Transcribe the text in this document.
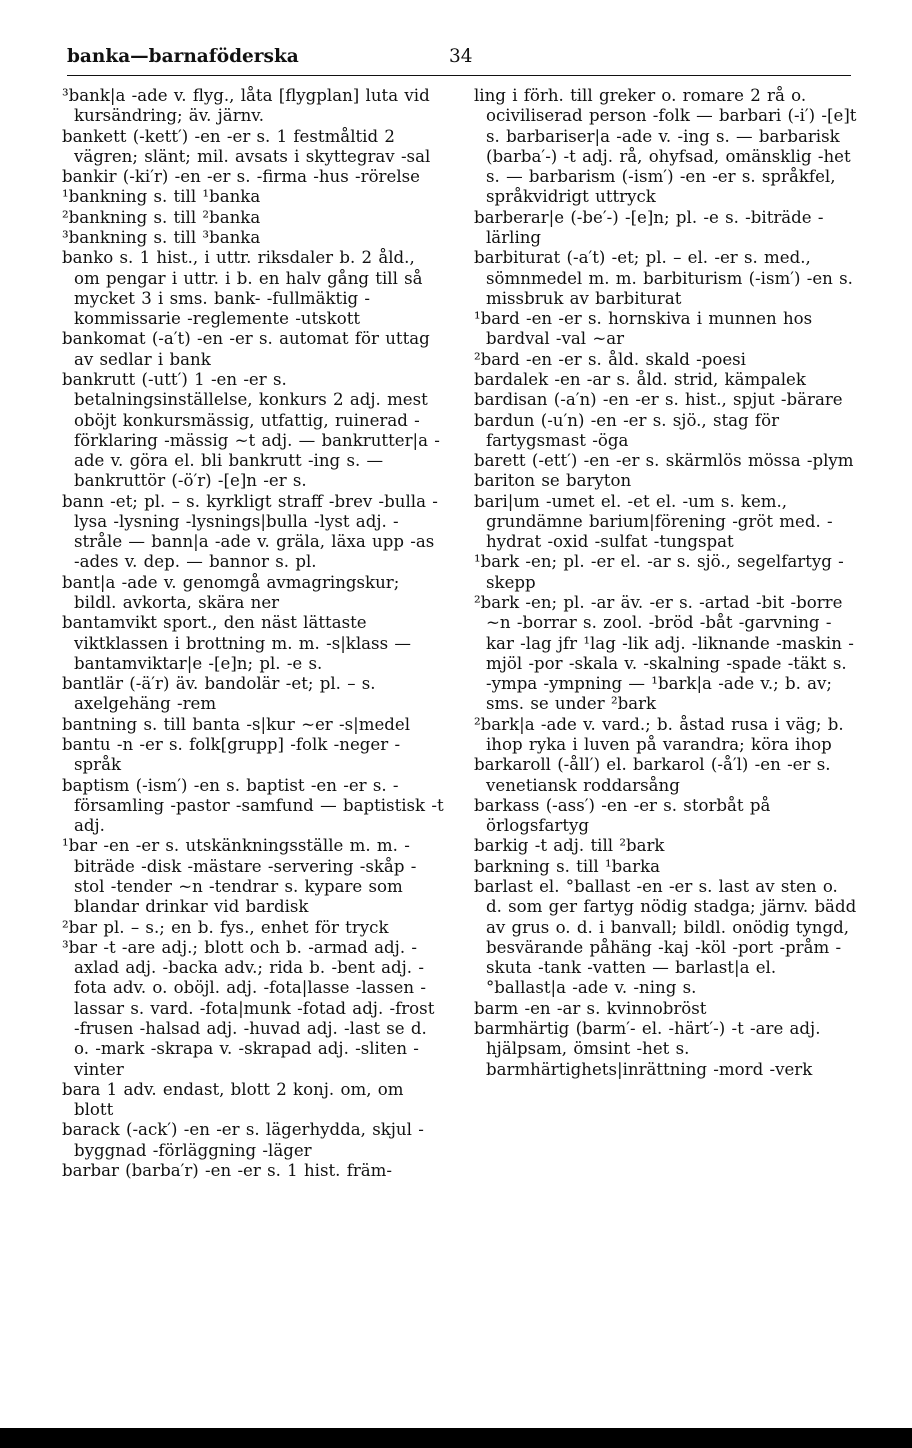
banka—barnaföderska	34

³bank|a -ade v. flyg., låta [flygplan] luta vid kursändring; äv. järnv.

bankett (-kett′) -en -er s. 1 festmåltid 2 vägren; slänt; mil. avsats i skyttegrav -sal

bankir (-ki′r) -en -er s. -firma -hus -rörelse

¹bankning s. till ¹banka

²bankning s. till ²banka

³bankning s. till ³banka

banko s. 1 hist., i uttr. riksdaler b. 2 åld., om pengar i uttr. i b. en halv gång till så mycket 3 i sms. bank- -fullmäktig -kommissarie -reglemente -utskott

bankomat (-a′t) -en -er s. automat för uttag av sedlar i bank

bankrutt (-utt′) 1 -en -er s. betalningsinställelse, konkurs 2 adj. mest oböjt konkursmässig, utfattig, ruinerad -förklaring -mässig ~t adj. — bankrutter|a -ade v. göra el. bli bankrutt -ing s. — bankruttör (-ö′r) -[e]n -er s.

bann -et; pl. – s. kyrkligt straff -brev -bulla -lysa -lysning -lysnings|bulla -lyst adj. -stråle — bann|a -ade v. gräla, läxa upp -as -ades v. dep. — bannor s. pl.

bant|a -ade v. genomgå avmagringskur; bildl. avkorta, skära ner

bantamvikt sport., den näst lättaste viktklassen i brottning m. m. -s|klass — bantamviktar|e -[e]n; pl. -e s.

bantlär (-ä′r) äv. bandolär -et; pl. – s. axelgehäng -rem

bantning s. till banta -s|kur ~er -s|medel

bantu -n -er s. folk[grupp] -folk -neger -språk

baptism (-ism′) -en s. baptist -en -er s. -församling -pastor -samfund — baptistisk -t adj.

¹bar -en -er s. utskänkningsställe m. m. -biträde -disk -mästare -servering -skåp -stol -tender ~n -tendrar s. kypare som blandar drinkar vid bardisk

²bar pl. – s.; en b. fys., enhet för tryck

³bar -t -are adj.; blott och b. -armad adj. -axlad adj. -backa adv.; rida b. -bent adj. -fota adv. o. oböjl. adj. -fota|lasse -lassen -lassar s. vard. -fota|munk -fotad adj. -frost -frusen -halsad adj. -huvad adj. -last se d. o. -mark -skrapa v. -skrapad adj. -sliten -vinter

bara 1 adv. endast, blott 2 konj. om, om blott

barack (-ack′) -en -er s. lägerhydda, skjul -byggnad -förläggning -läger

barbar (barba′r) -en -er s. 1 hist. främ-

ling i förh. till greker o. romare 2 rå o. ociviliserad person -folk — barbari (-i′) -[e]t s. barbariser|a -ade v. -ing s. — barbarisk (barba′-) -t adj. rå, ohyfsad, omänsklig -het s. — barbarism (-ism′) -en -er s. språkfel, språkvidrigt uttryck

barberar|e (-be′-) -[e]n; pl. -e s. -biträde -lärling

barbiturat (-a′t) -et; pl. – el. -er s. med., sömnmedel m. m. barbiturism (-ism′) -en s. missbruk av barbiturat

¹bard -en -er s. hornskiva i munnen hos bardval -val ~ar

²bard -en -er s. åld. skald -poesi

bardalek -en -ar s. åld. strid, kämpalek

bardisan (-a′n) -en -er s. hist., spjut -bärare

bardun (-u′n) -en -er s. sjö., stag för fartygsmast -öga

barett (-ett′) -en -er s. skärmlös mössa -plym

bariton se baryton

bari|um -umet el. -et el. -um s. kem., grundämne barium|förening -gröt med. -hydrat -oxid -sulfat -tungspat

¹bark -en; pl. -er el. -ar s. sjö., segelfartyg -skepp

²bark -en; pl. -ar äv. -er s. -artad -bit -borre ~n -borrar s. zool. -bröd -båt -garvning -kar -lag jfr ¹lag -lik adj. -liknande -maskin -mjöl -por -skala v. -skalning -spade -täkt s. -ympa -ympning — ¹bark|a -ade v.; b. av; sms. se under ²bark

²bark|a -ade v. vard.; b. åstad rusa i väg; b. ihop ryka i luven på varandra; köra ihop

barkaroll (-åll′) el. barkarol (-å′l) -en -er s. venetiansk roddarsång

barkass (-ass′) -en -er s. storbåt på örlogsfartyg

barkig -t adj. till ²bark

barkning s. till ¹barka

barlast el. °ballast -en -er s. last av sten o. d. som ger fartyg nödig stadga; järnv. bädd av grus o. d. i banvall; bildl. onödig tyngd, besvärande påhäng -kaj -köl -port -pråm -skuta -tank -vatten — barlast|a el. °ballast|a -ade v. -ning s.

barm -en -ar s. kvinnobröst

barmhärtig (barm′- el. -härt′-) -t -are adj. hjälpsam, ömsint -het s. barmhärtighets|inrättning -mord -verk
